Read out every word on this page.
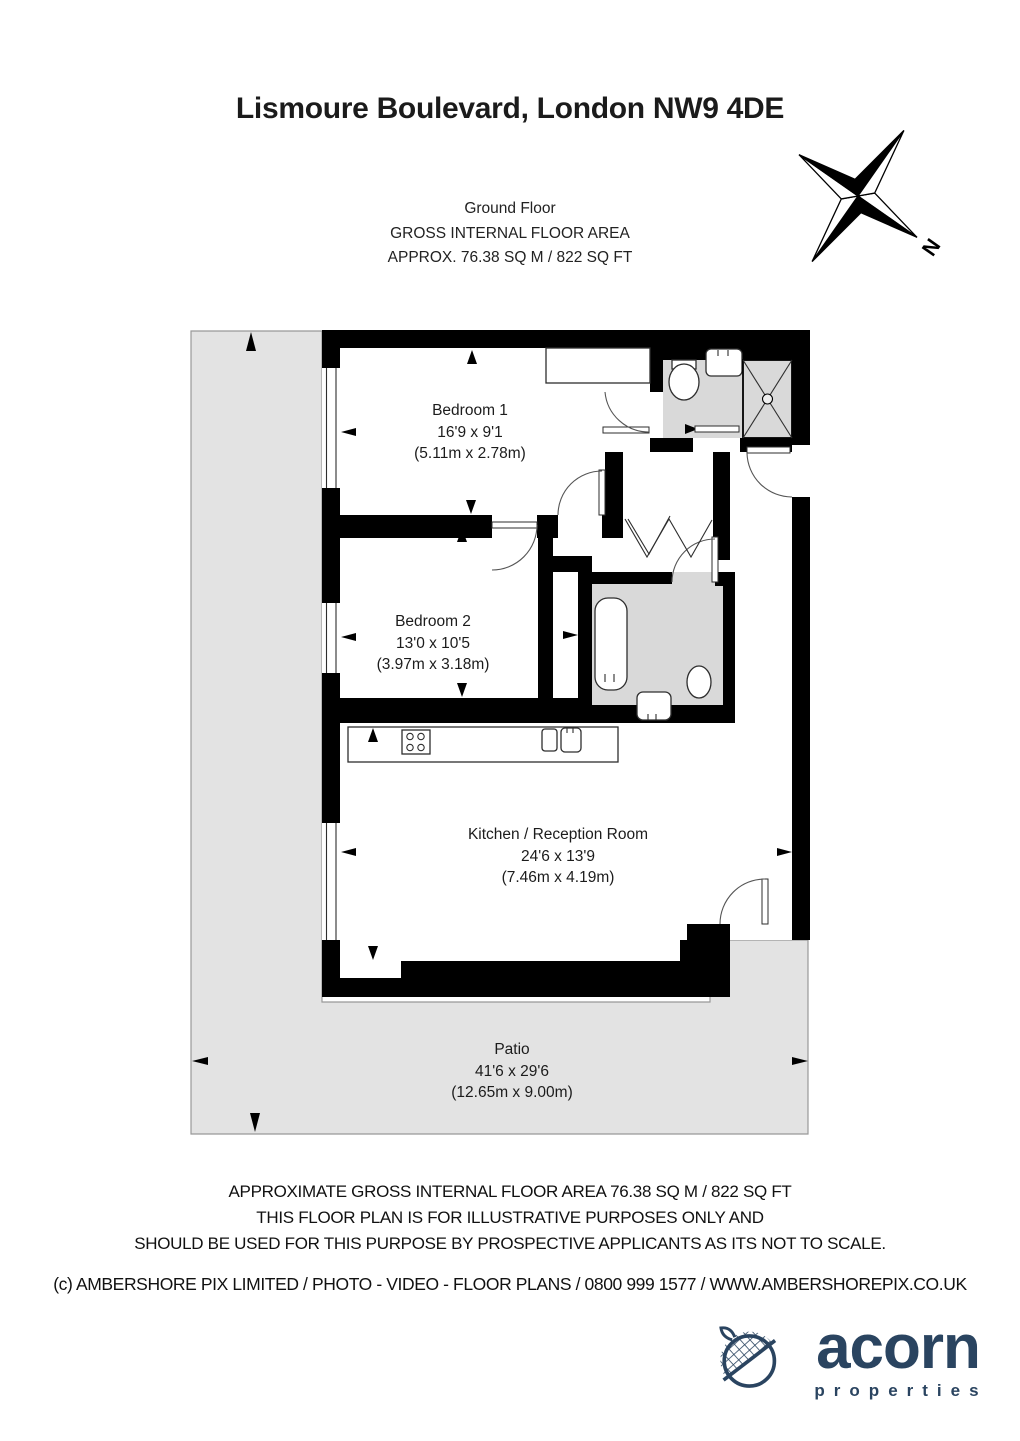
Lismoure Boulevard, London NW9 4DE
Ground Floor
GROSS INTERNAL FLOOR AREA
APPROX. 76.38 SQ M / 822 SQ FT	N
Bedroom 1
16'9 x 9'1
(5.11m x 2.78m)
Bedroom 2
13'0 x 10'5
(3.97m x 3.18m)
Kitchen / Reception Room
24'6 x 13'9
(7.46m x 4.19m)
Patio
41'6 x 29'6
(12.65m x 9.00m)
APPROXIMATE GROSS INTERNAL FLOOR AREA 76.38 SQ M / 822 SQ FT
THIS FLOOR PLAN IS FOR ILLUSTRATIVE PURPOSES ONLY AND
SHOULD BE USED FOR THIS PURPOSE BY PROSPECTIVE APPLICANTS AS ITS NOT TO SCALE.
(c) AMBERSHORE PIX LIMITED / PHOTO - VIDEO - FLOOR PLANS / 0800 999 1577 / WWW.AMBERSHOREPIX.CO.UK
acorn
properties
